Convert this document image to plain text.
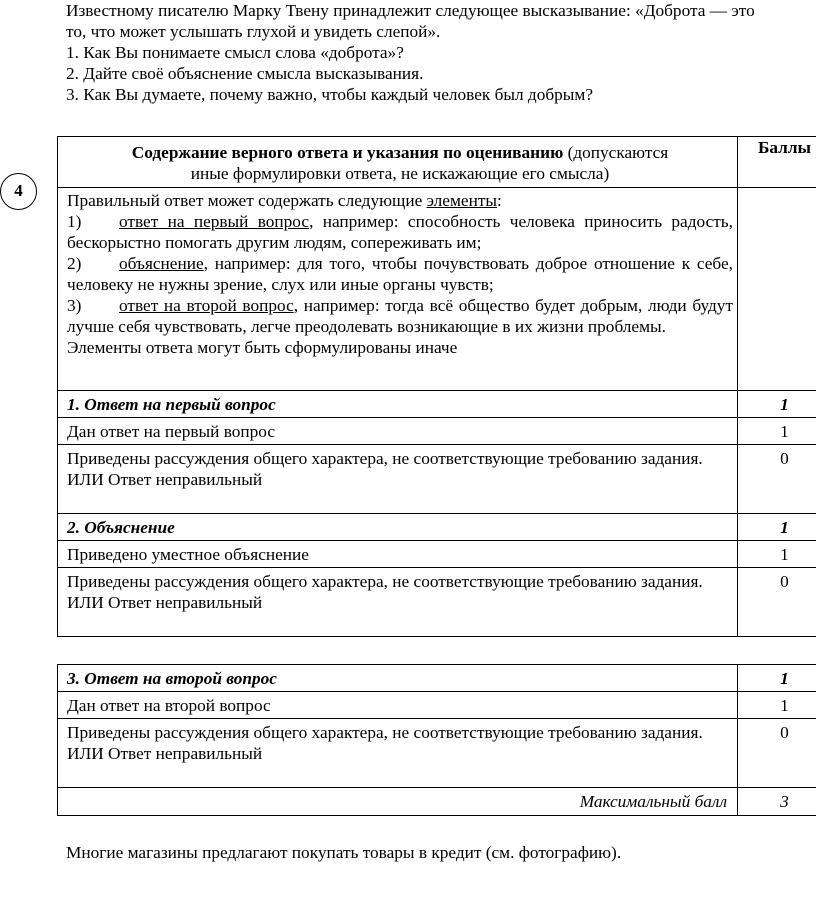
Известному писателю Марку Твену принадлежит следующее высказывание: «Доброта — это

то, что может услышать глухой и увидеть слепой».

1. Как Вы понимаете смысл слова «доброта»?

2. Дайте своё объяснение смысла высказывания.

3. Как Вы думаете, почему важно, чтобы каждый человек был добрым?

4
Содержание верного ответа и указания по оцениванию (допускаются
иные формулировки ответа, не искажающие его смысла)	Баллы

Правильный ответ может содержать следующие элементы:
1) ответ на первый вопрос, например: способность человека приносить радость, бескорыстно помогать другим людям, сопереживать им;
2) объяснение, например: для того, чтобы почувствовать доброе отношение к себе, человеку не нужны зрение, слух или иные органы чувств;
3) ответ на второй вопрос, например: тогда всё общество будет добрым, люди будут лучше себя чувствовать, легче преодолевать возникающие в их жизни проблемы.
Элементы ответа могут быть сформулированы иначе	

1. Ответ на первый вопрос	1
Дан ответ на первый вопрос	1

Приведены рассуждения общего характера, не соответствующие требованию задания.
ИЛИ Ответ неправильный	0
2. Объяснение	1
Приведено уместное объяснение	1

Приведены рассуждения общего характера, не соответствующие требованию задания.
ИЛИ Ответ неправильный	0
3. Ответ на второй вопрос	1
Дан ответ на второй вопрос	1

Приведены рассуждения общего характера, не соответствующие требованию задания.
ИЛИ Ответ неправильный	0
Максимальный балл	3
Многие магазины предлагают покупать товары в кредит (см. фотографию).
